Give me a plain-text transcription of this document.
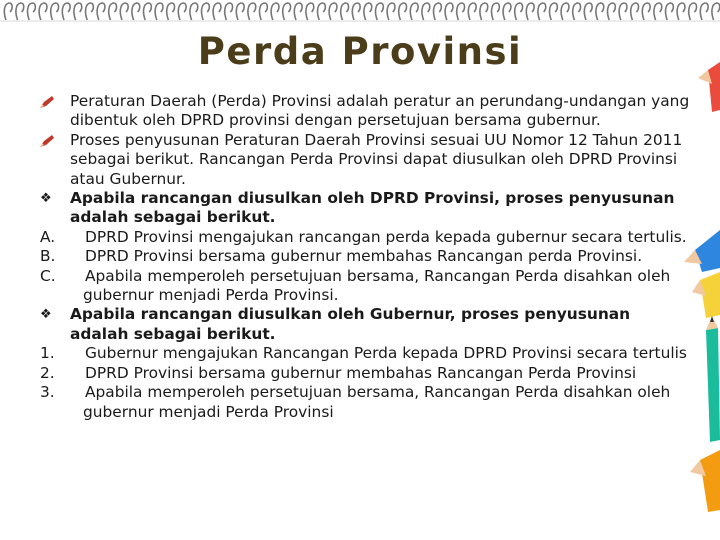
Perda Provinsi
Peraturan Daerah (Perda) Provinsi adalah peratur an perundang-undangan yang dibentuk oleh DPRD provinsi dengan persetujuan bersama gubernur.
Proses penyusunan Peraturan Daerah Provinsi sesuai UU Nomor 12 Tahun 2011 sebagai berikut. Rancangan Perda Provinsi dapat diusulkan oleh DPRD Provinsi atau Gubernur.
❖	Apabila rancangan diusulkan oleh DPRD Provinsi, proses penyusunan adalah sebagai berikut.
A.	DPRD Provinsi mengajukan rancangan perda kepada gubernur secara tertulis.
B.	DPRD Provinsi bersama gubernur membahas Rancangan perda Provinsi.
C.	Apabila memperoleh persetujuan bersama, Rancangan Perda disahkan oleh gubernur menjadi Perda Provinsi.
❖	Apabila rancangan diusulkan oleh Gubernur, proses penyusunan adalah sebagai berikut.
1.	Gubernur mengajukan Rancangan Perda kepada DPRD Provinsi secara tertulis
2.	DPRD Provinsi bersama gubernur membahas Rancangan Perda Provinsi
3.	Apabila memperoleh persetujuan bersama, Rancangan Perda disahkan oleh gubernur menjadi Perda Provinsi
